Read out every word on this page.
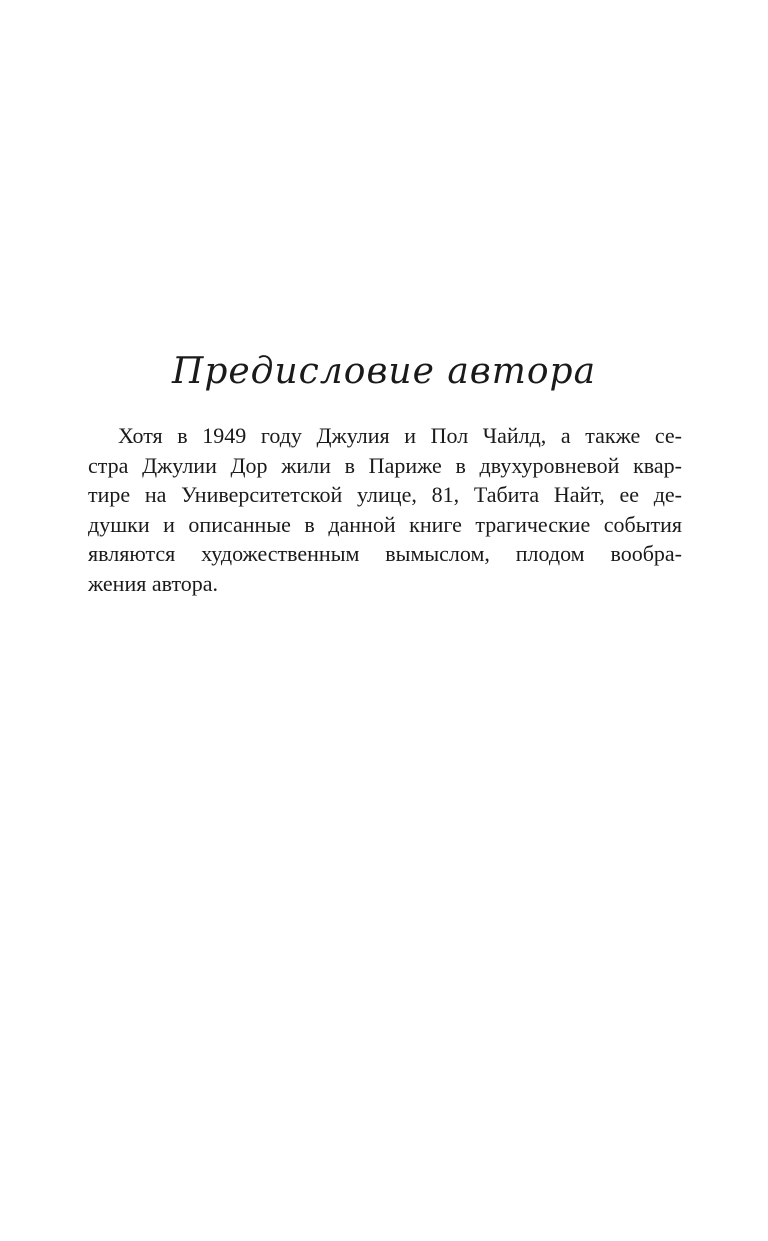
Предисловие автора
Хотя в 1949 году Джулия и Пол Чайлд, а также се-
стра Джулии Дор жили в Париже в двухуровневой квар-
тире на Университетской улице, 81, Табита Найт, ее де-
душки и описанные в данной книге трагические события
являются художественным вымыслом, плодом вообра-
жения автора.
